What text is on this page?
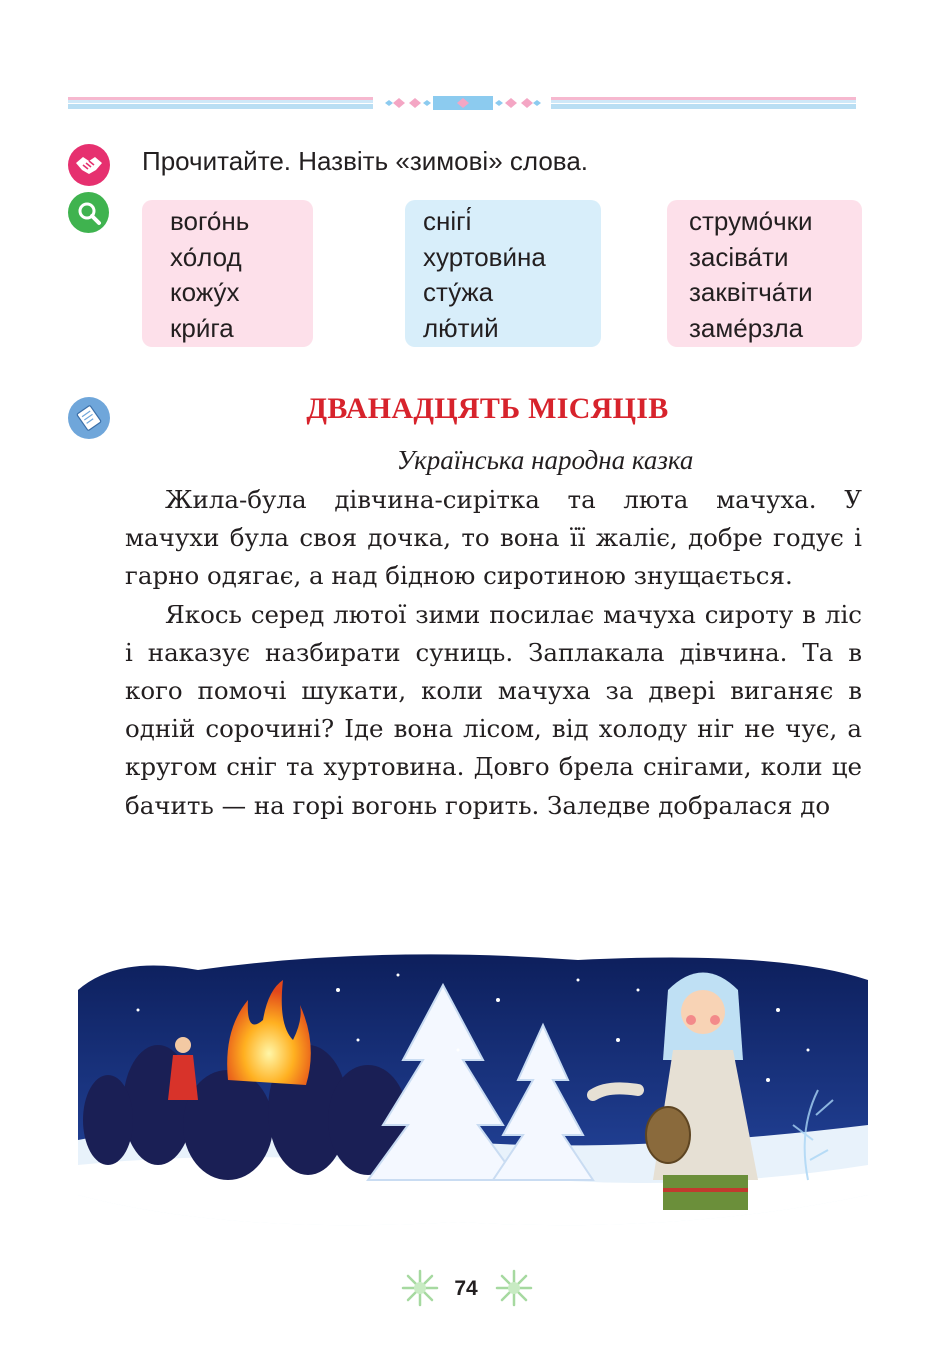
Прочитайте. Назвіть «зимові» слова.
вого́нь
хо́лод
кожу́х
кри́га
снігі́
хуртови́на
сту́жа
лю́тий
струмо́чки
засіва́ти
заквітча́ти
заме́рзла
ДВАНАДЦЯТЬ МІСЯЦІВ
Українська народна казка

Жила-була дівчина-сирітка та люта мачуха. У мачухи була своя дочка, то вона її жаліє, добре годує і гарно одягає, а над бідною сиротиною знущається.

Якось серед лютої зими посилає мачуха сироту в ліс і наказує назбирати суниць. Заплакала дівчина. Та в кого помочі шукати, коли мачуха за двері виганяє в одній сорочині? Іде вона лісом, від холоду ніг не чує, а кругом сніг та хуртовина. Довго брела снігами, коли це бачить — на горі вогонь горить. Заледве добралася до

74
